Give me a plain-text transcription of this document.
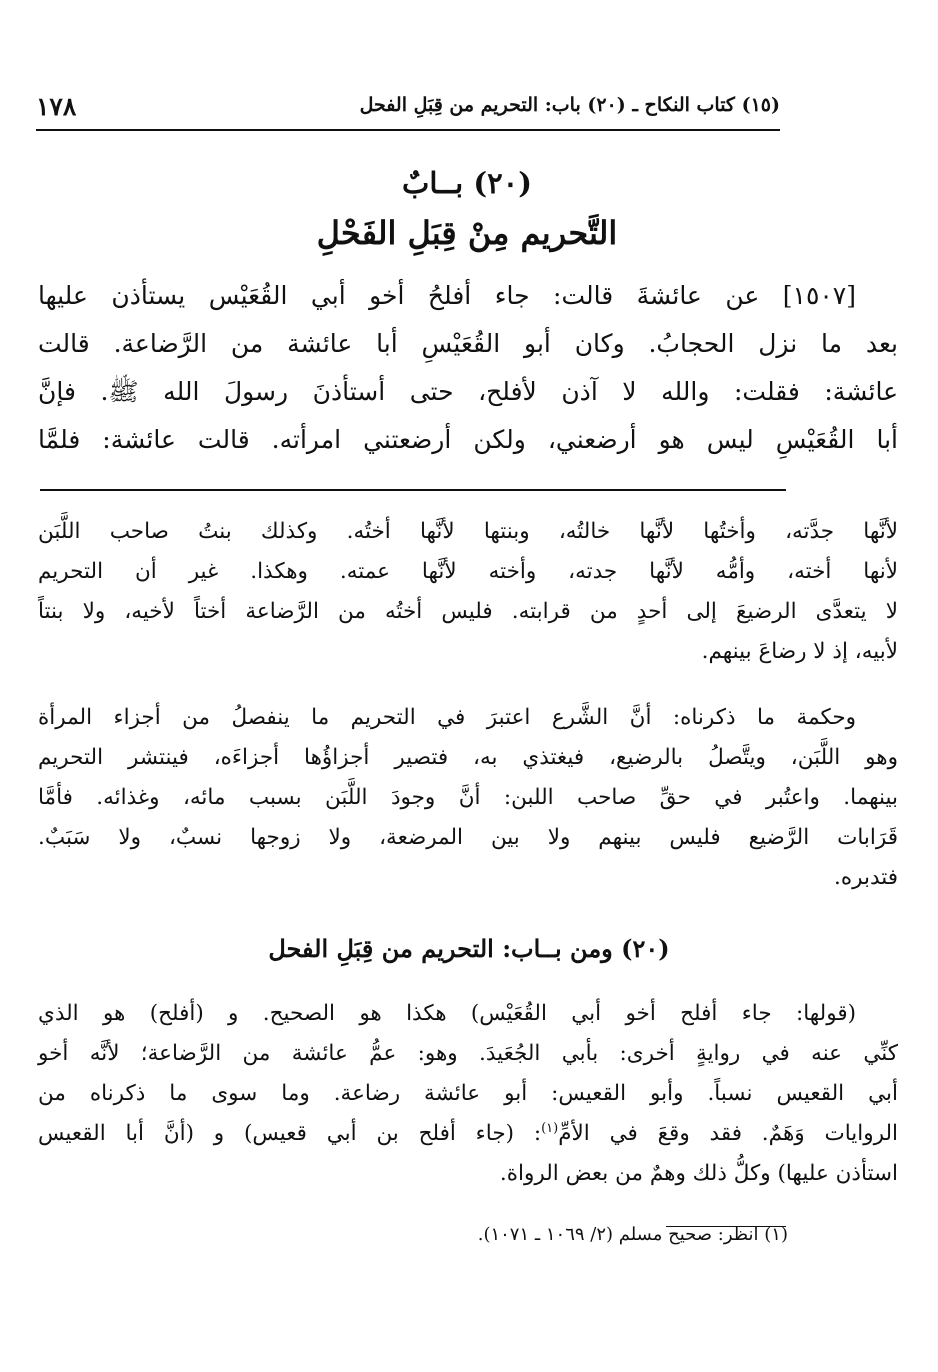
(١٥) كتاب النكاح ـ (٢٠) باب: التحريم من قِبَلِ الفحل
١٧٨
(٢٠) بــابٌ
التَّحريم مِنْ قِبَلِ الفَحْلِ
[١٥٠٧] عن عائشةَ قالت: جاء أفلحُ أخو أبي القُعَيْس يستأذن عليها
بعد ما نزل الحجابُ. وكان أبو القُعَيْسِ أبا عائشة من الرَّضاعة. قالت
عائشة: فقلت: والله لا آذن لأفلح، حتى أستأذنَ رسولَ الله ﷺ. فإنَّ
أبا القُعَيْسِ ليس هو أرضعني، ولكن أرضعتني امرأته. قالت عائشة: فلمَّا
لأنَّها جدَّته، وأختُها لأنَّها خالتُه، وبنتها لأنَّها أختُه. وكذلك بنتُ صاحب اللَّبَن
لأنها أخته، وأمُّه لأنَّها جدته، وأخته لأنَّها عمته. وهكذا. غير أن التحريم
لا يتعدَّى الرضيعَ إلى أحدٍ من قرابته. فليس أختُه من الرَّضاعة أختاً لأخيه، ولا بنتاً
لأبيه، إذ لا رضاعَ بينهم.
وحكمة ما ذكرناه: أنَّ الشَّرع اعتبرَ في التحريم ما ينفصلُ من أجزاء المرأة
وهو اللَّبَن، ويتَّصلُ بالرضيع، فيغتذي به، فتصير أجزاؤُها أجزاءَه، فينتشر التحريم
بينهما. واعتُبر في حقِّ صاحب اللبن: أنَّ وجودَ اللَّبَن بسبب مائه، وغذائه. فأمَّا
قَرَابات الرَّضيع فليس بينهم ولا بين المرضعة، ولا زوجها نسبٌ، ولا سَبَبٌ.
فتدبره.
(٢٠) ومن بــاب: التحريم من قِبَلِ الفحل
(قولها: جاء أفلح أخو أبي القُعَيْس) هكذا هو الصحيح. و (أفلح) هو الذي
كنِّي عنه في روايةٍ أخرى: بأبي الجُعَيدَ. وهو: عمُّ عائشة من الرَّضاعة؛ لأنَّه أخو
أبي القعيس نسباً. وأبو القعيس: أبو عائشة رضاعة. وما سوى ما ذكرناه من
الروايات وَهَمٌ. فقد وقعَ في الأمِّ$^{(١)}$: (جاء أفلح بن أبي قعيس) و (أنَّ أبا القعيس
استأذن عليها) وكلُّ ذلك وهمٌ من بعض الرواة.
(١) انظر: صحيح مسلم (٢/ ١٠٦٩ ـ ١٠٧١).
